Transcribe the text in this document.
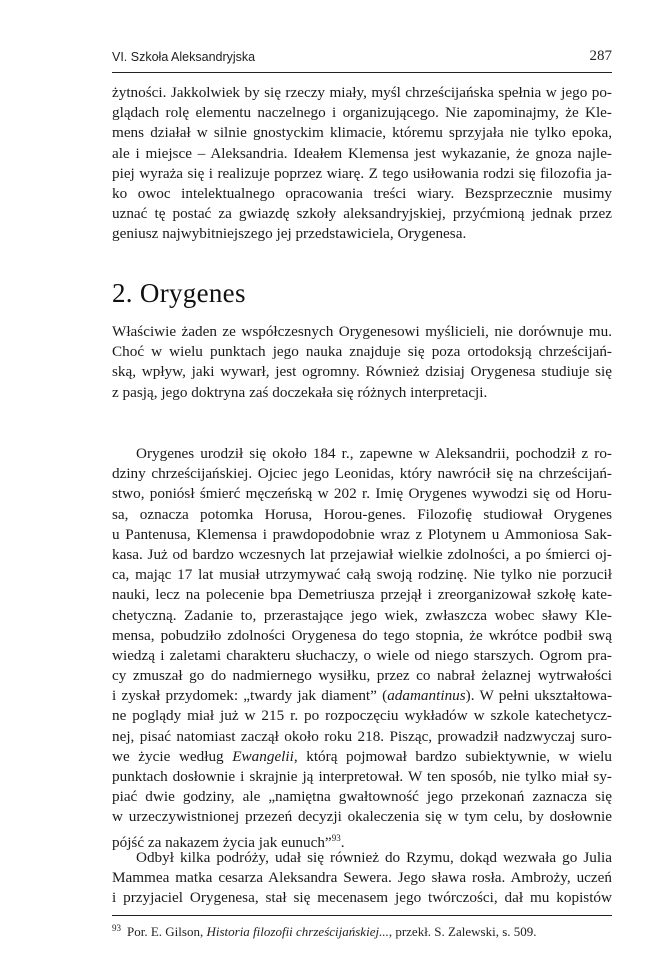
VI. Szkoła Aleksandryjska	287
żytności. Jakkolwiek by się rzeczy miały, myśl chrześcijańska spełnia w jego po-
glądach rolę elementu naczelnego i organizującego. Nie zapominajmy, że Kle-
mens działał w silnie gnostyckim klimacie, któremu sprzyjała nie tylko epoka,
ale i miejsce – Aleksandria. Ideałem Klemensa jest wykazanie, że gnoza najle-
piej wyraża się i realizuje poprzez wiarę. Z tego usiłowania rodzi się filozofia ja-
ko owoc intelektualnego opracowania treści wiary. Bezsprzecznie musimy
uznać tę postać za gwiazdę szkoły aleksandryjskiej, przyćmioną jednak przez
geniusz najwybitniejszego jej przedstawiciela, Orygenesa.
2. Orygenes
Właściwie żaden ze współczesnych Orygenesowi myślicieli, nie dorównuje mu.
Choć w wielu punktach jego nauka znajduje się poza ortodoksją chrześcijań-
ską, wpływ, jaki wywarł, jest ogromny. Również dzisiaj Orygenesa studiuje się
z pasją, jego doktryna zaś doczekała się różnych interpretacji.
Orygenes urodził się około 184 r., zapewne w Aleksandrii, pochodził z ro-
dziny chrześcijańskiej. Ojciec jego Leonidas, który nawrócił się na chrześcijań-
stwo, poniósł śmierć męczeńską w 202 r. Imię Orygenes wywodzi się od Horu-
sa, oznacza potomka Horusa, Horou-genes. Filozofię studiował Orygenes
u Pantenusa, Klemensa i prawdopodobnie wraz z Plotynem u Ammoniosa Sak-
kasa. Już od bardzo wczesnych lat przejawiał wielkie zdolności, a po śmierci oj-
ca, mając 17 lat musiał utrzymywać całą swoją rodzinę. Nie tylko nie porzucił
nauki, lecz na polecenie bpa Demetriusza przejął i zreorganizował szkołę kate-
chetyczną. Zadanie to, przerastające jego wiek, zwłaszcza wobec sławy Kle-
mensa, pobudziło zdolności Orygenesa do tego stopnia, że wkrótce podbił swą
wiedzą i zaletami charakteru słuchaczy, o wiele od niego starszych. Ogrom pra-
cy zmuszał go do nadmiernego wysiłku, przez co nabrał żelaznej wytrwałości
i zyskał przydomek: „twardy jak diament” (adamantinus). W pełni ukształtowa-
ne poglądy miał już w 215 r. po rozpoczęciu wykładów w szkole katechetycz-
nej, pisać natomiast zaczął około roku 218. Pisząc, prowadził nadzwyczaj suro-
we życie według Ewangelii, którą pojmował bardzo subiektywnie, w wielu
punktach dosłownie i skrajnie ją interpretował. W ten sposób, nie tylko miał sy-
piać dwie godziny, ale „namiętna gwałtowność jego przekonań zaznacza się
w urzeczywistnionej przezeń decyzji okaleczenia się w tym celu, by dosłownie
pójść za nakazem życia jak eunuch”$^{93}$.
Odbył kilka podróży, udał się również do Rzymu, dokąd wezwała go Julia
Mammea matka cesarza Aleksandra Sewera. Jego sława rosła. Ambroży, uczeń
i przyjaciel Orygenesa, stał się mecenasem jego twórczości, dał mu kopistów
$^{93}$ Por. E. Gilson, Historia filozofii chrześcijańskiej..., przekł. S. Zalewski, s. 509.
